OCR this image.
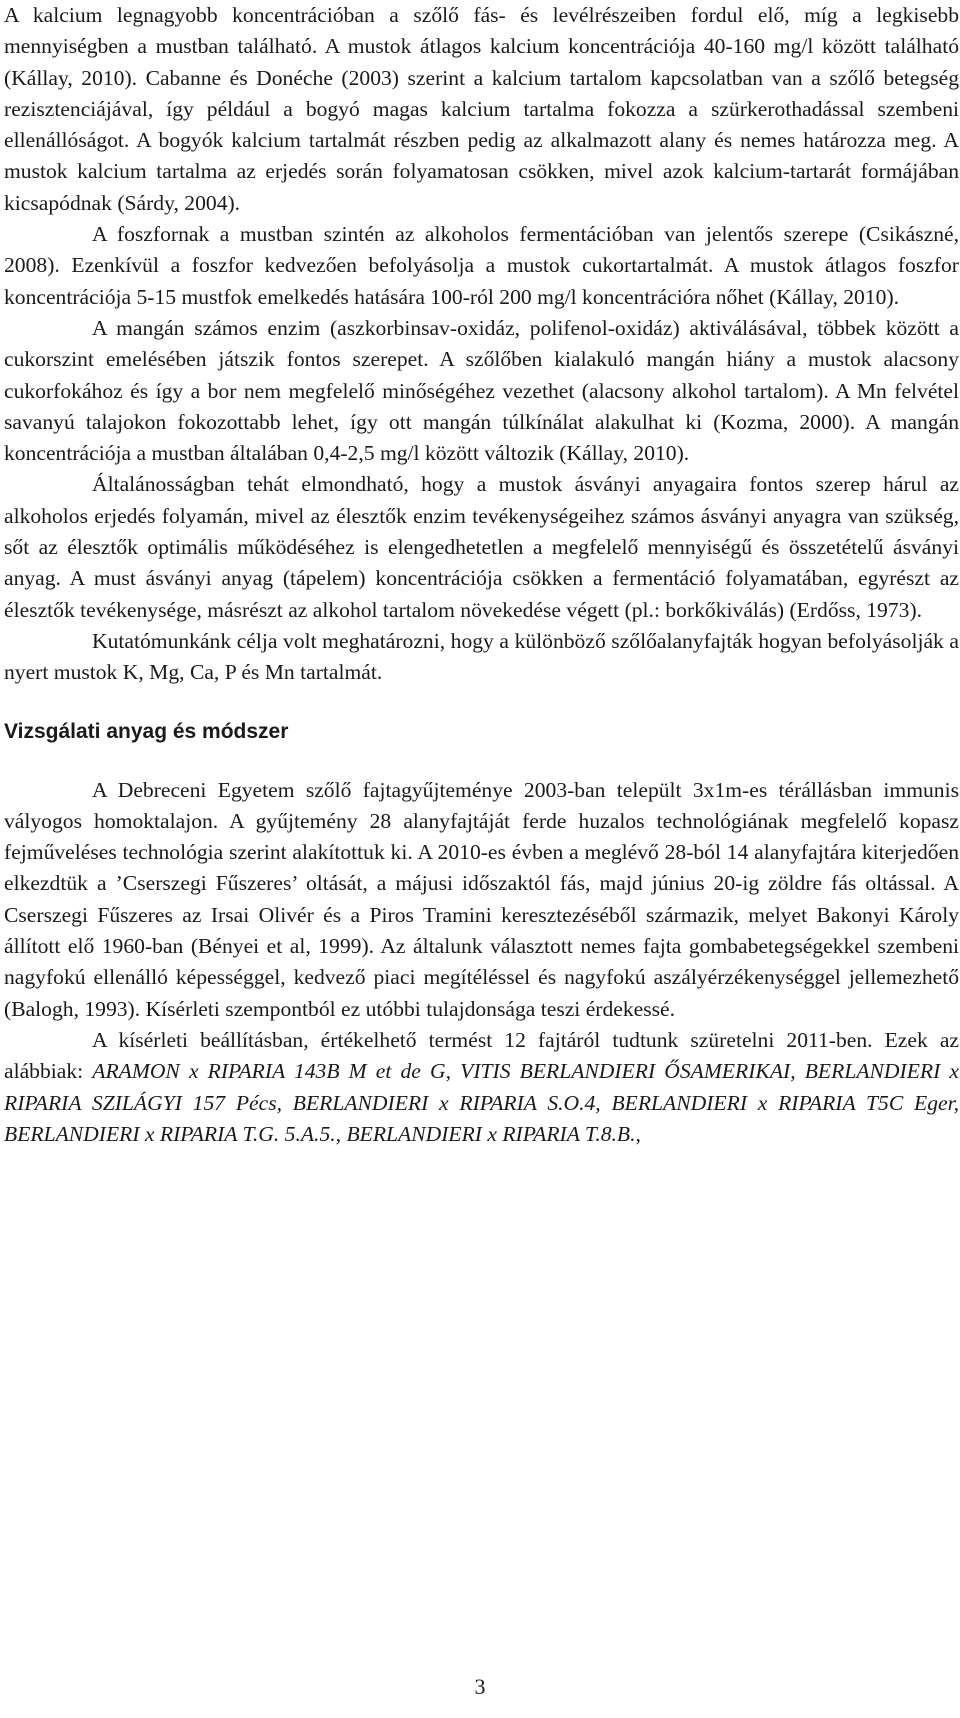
A kalcium legnagyobb koncentrációban a szőlő fás- és levélrészeiben fordul elő, míg a legkisebb mennyiségben a mustban található. A mustok átlagos kalcium koncentrációja 40-160 mg/l között található (Kállay, 2010). Cabanne és Donéche (2003) szerint a kalcium tartalom kapcsolatban van a szőlő betegség rezisztenciájával, így például a bogyó magas kalcium tartalma fokozza a szürkerothadással szembeni ellenállóságot. A bogyók kalcium tartalmát részben pedig az alkalmazott alany és nemes határozza meg. A mustok kalcium tartalma az erjedés során folyamatosan csökken, mivel azok kalcium-tartarát formájában kicsapódnak (Sárdy, 2004).

A foszfornak a mustban szintén az alkoholos fermentációban van jelentős szerepe (Csikászné, 2008). Ezenkívül a foszfor kedvezően befolyásolja a mustok cukortartalmát. A mustok átlagos foszfor koncentrációja 5-15 mustfok emelkedés hatására 100-ról 200 mg/l koncentrációra nőhet (Kállay, 2010).

A mangán számos enzim (aszkorbinsav-oxidáz, polifenol-oxidáz) aktiválásával, többek között a cukorszint emelésében játszik fontos szerepet. A szőlőben kialakuló mangán hiány a mustok alacsony cukorfokához és így a bor nem megfelelő minőségéhez vezethet (alacsony alkohol tartalom). A Mn felvétel savanyú talajokon fokozottabb lehet, így ott mangán túlkínálat alakulhat ki (Kozma, 2000). A mangán koncentrációja a mustban általában 0,4-2,5 mg/l között változik (Kállay, 2010).

Általánosságban tehát elmondható, hogy a mustok ásványi anyagaira fontos szerep hárul az alkoholos erjedés folyamán, mivel az élesztők enzim tevékenységeihez számos ásványi anyagra van szükség, sőt az élesztők optimális működéséhez is elengedhetetlen a megfelelő mennyiségű és összetételű ásványi anyag. A must ásványi anyag (tápelem) koncentrációja csökken a fermentáció folyamatában, egyrészt az élesztők tevékenysége, másrészt az alkohol tartalom növekedése végett (pl.: borkőkiválás) (Erdőss, 1973).

Kutatómunkánk célja volt meghatározni, hogy a különböző szőlőalanyfajták hogyan befolyásolják a nyert mustok K, Mg, Ca, P és Mn tartalmát.

Vizsgálati anyag és módszer

A Debreceni Egyetem szőlő fajtagyűjteménye 2003-ban települt 3x1m-es térállásban immunis vályogos homoktalajon. A gyűjtemény 28 alanyfajtáját ferde huzalos technológiának megfelelő kopasz fejműveléses technológia szerint alakítottuk ki. A 2010-es évben a meglévő 28-ból 14 alanyfajtára kiterjedően elkezdtük a ’Cserszegi Fűszeres’ oltását, a májusi időszaktól fás, majd június 20-ig zöldre fás oltással. A Cserszegi Fűszeres az Irsai Olivér és a Piros Tramini keresztezéséből származik, melyet Bakonyi Károly állított elő 1960-ban (Bényei et al, 1999). Az általunk választott nemes fajta gombabetegségekkel szembeni nagyfokú ellenálló képességgel, kedvező piaci megítéléssel és nagyfokú aszályérzékenységgel jellemezhető (Balogh, 1993). Kísérleti szempontból ez utóbbi tulajdonsága teszi érdekessé.

A kísérleti beállításban, értékelhető termést 12 fajtáról tudtunk szüretelni 2011-ben. Ezek az alábbiak: ARAMON x RIPARIA 143B M et de G, VITIS BERLANDIERI ŐSAMERIKAI, BERLANDIERI x RIPARIA SZILÁGYI 157 Pécs, BERLANDIERI x RIPARIA S.O.4, BERLANDIERI x RIPARIA T5C Eger, BERLANDIERI x RIPARIA T.G. 5.A.5., BERLANDIERI x RIPARIA T.8.B.,

3
